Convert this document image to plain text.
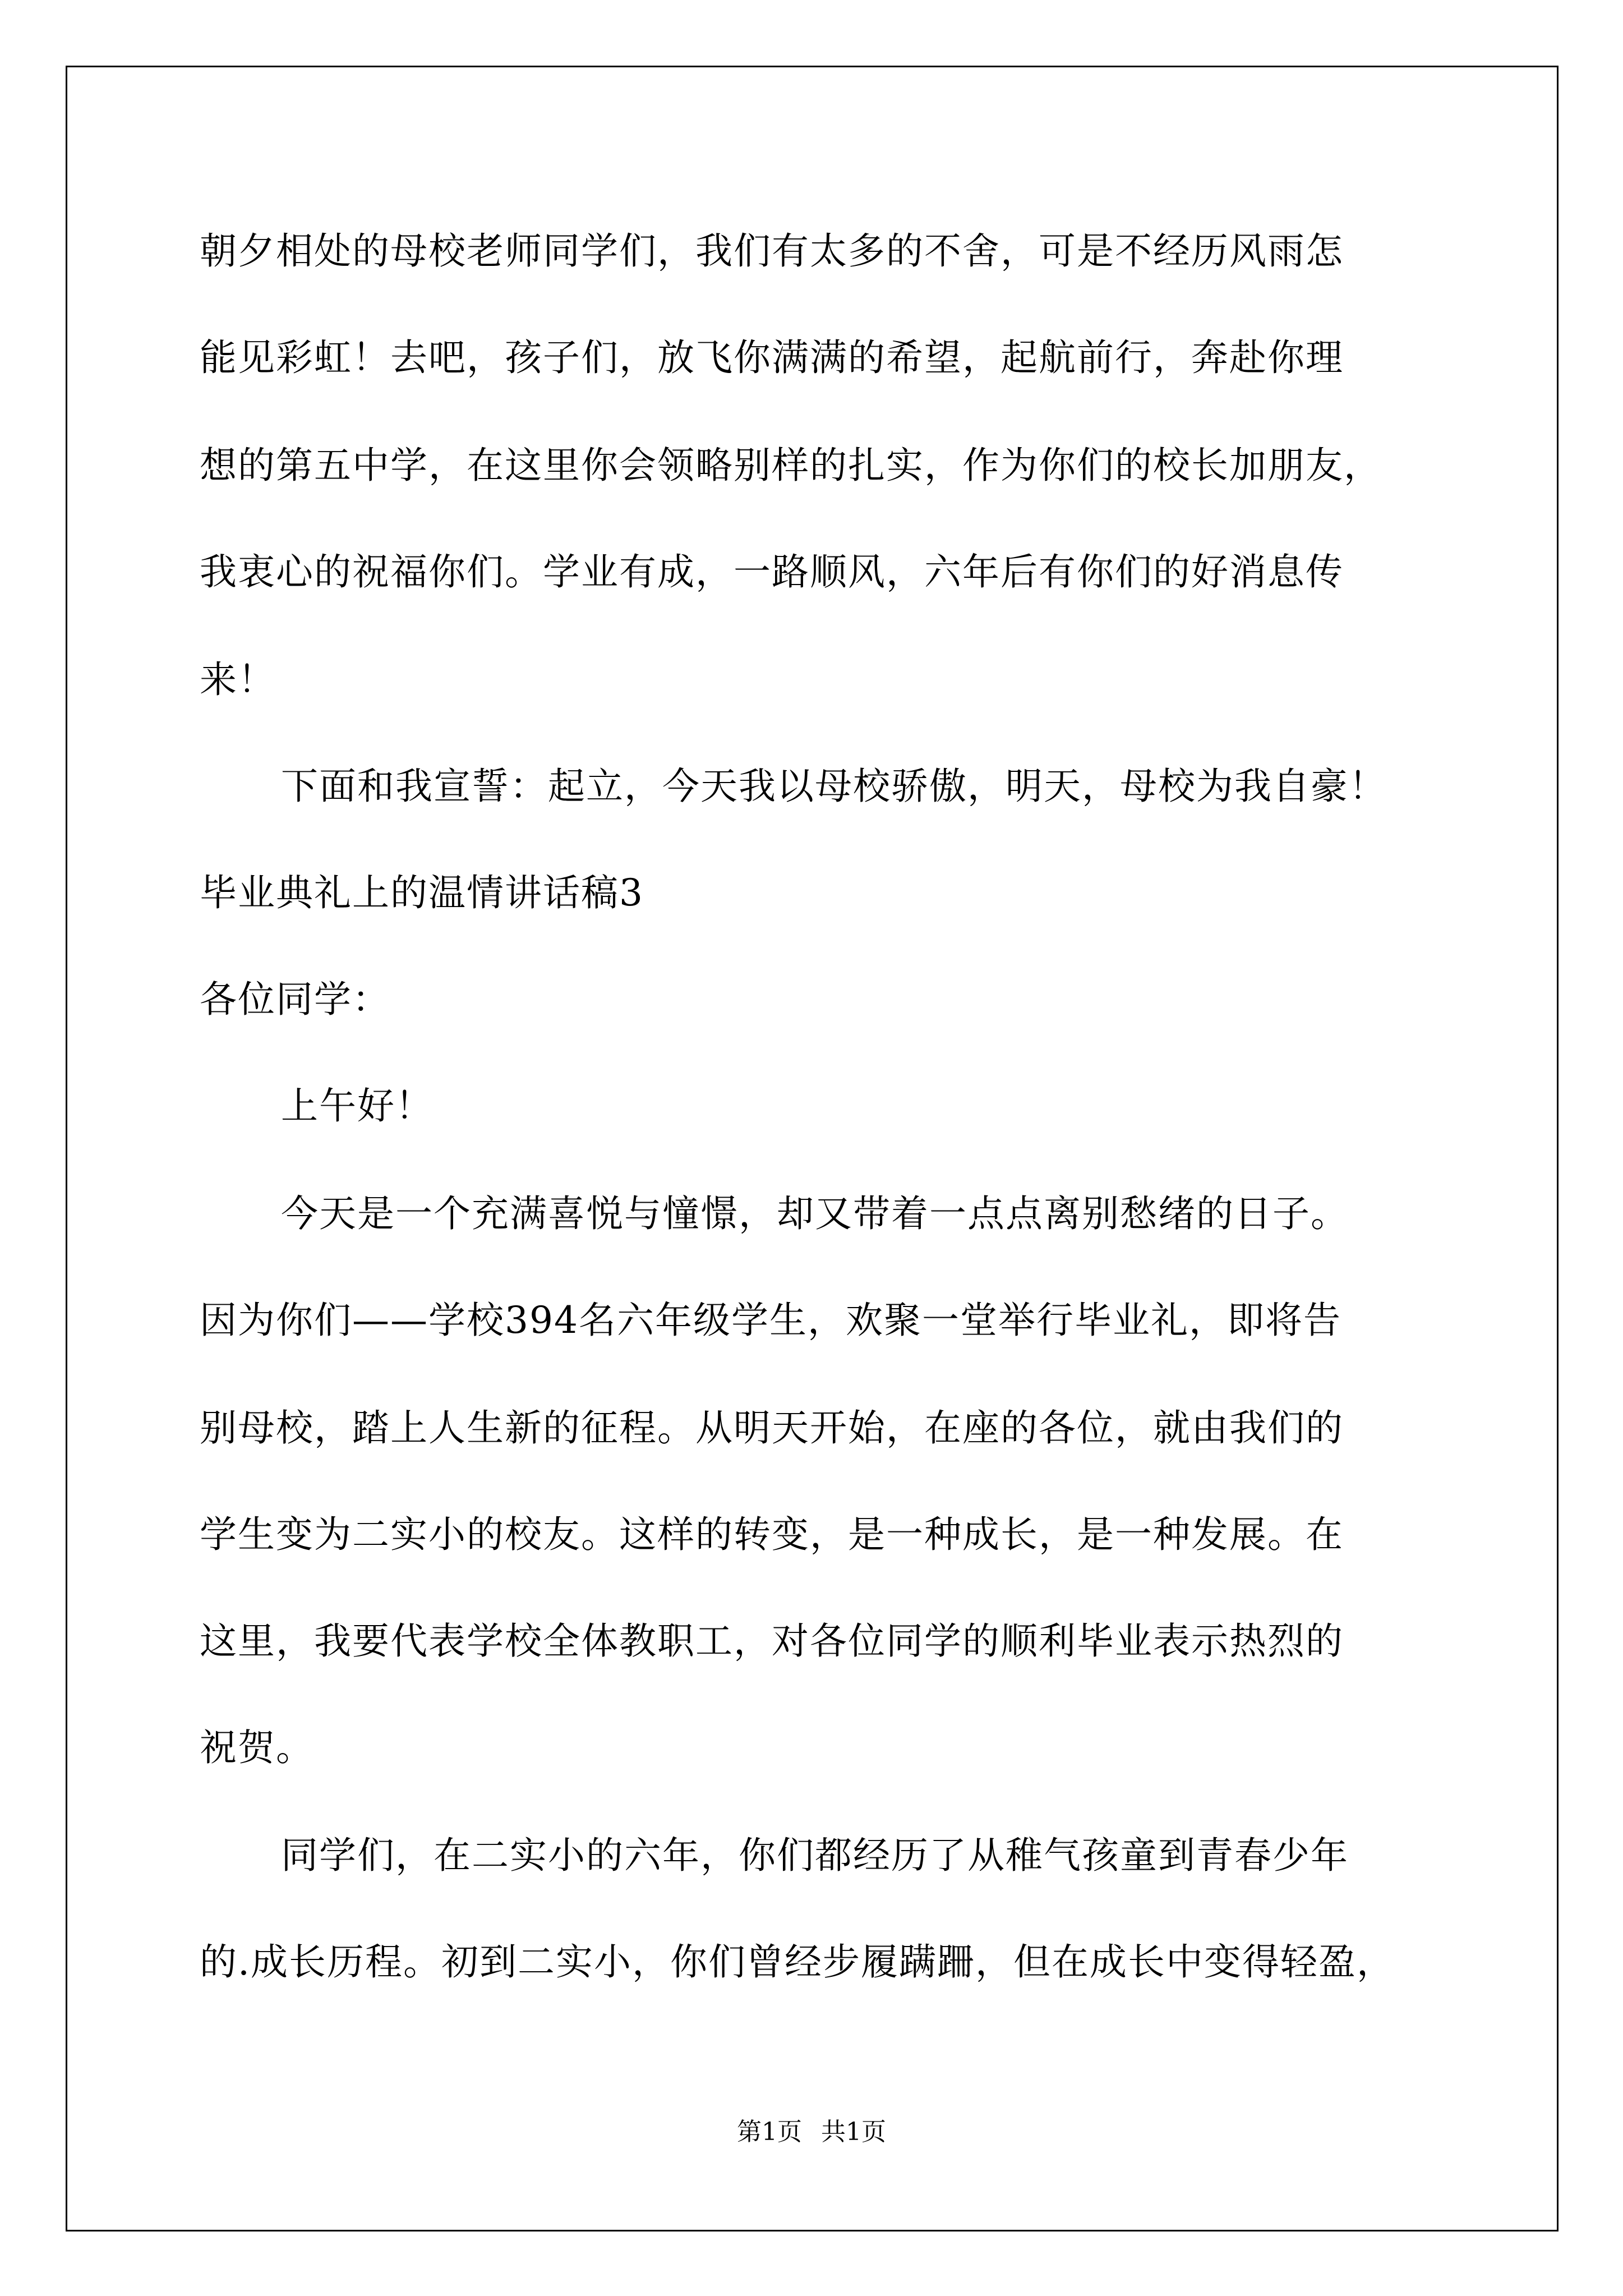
朝夕相处的母校老师同学们，我们有太多的不舍，可是不经历风雨怎
能见彩虹！去吧，孩子们，放飞你满满的希望，起航前行，奔赴你理
想的第五中学，在这里你会领略别样的扎实，作为你们的校长加朋友，
我衷心的祝福你们。学业有成，一路顺风，六年后有你们的好消息传
来！
下面和我宣誓：起立，今天我以母校骄傲，明天，母校为我自豪！
毕业典礼上的温情讲话稿3
各位同学：
上午好！
今天是一个充满喜悦与憧憬，却又带着一点点离别愁绪的日子。
因为你们——学校394名六年级学生，欢聚一堂举行毕业礼，即将告
别母校，踏上人生新的征程。从明天开始，在座的各位，就由我们的
学生变为二实小的校友。这样的转变，是一种成长，是一种发展。在
这里，我要代表学校全体教职工，对各位同学的顺利毕业表示热烈的
祝贺。
同学们，在二实小的六年，你们都经历了从稚气孩童到青春少年
的.成长历程。初到二实小，你们曾经步履蹒跚，但在成长中变得轻盈，
第1页 共1页
